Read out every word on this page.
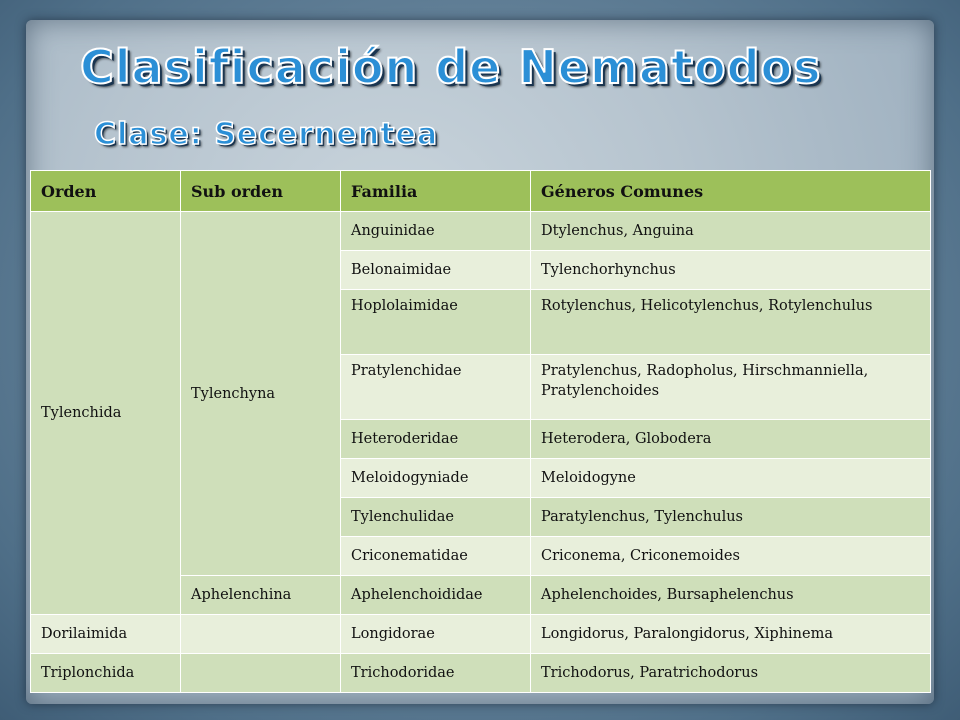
Clasificación de Nematodos
Clase: Secernentea
Orden	Sub orden	Familia	Géneros Comunes
Tylenchida	Tylenchyna	Anguinidae	Dtylenchus, Anguina
		Belonaimidae	Tylenchorhynchus
		Hoplolaimidae	Rotylenchus, Helicotylenchus, Rotylenchulus
		Pratylenchidae	Pratylenchus, Radopholus, Hirschmanniella, Pratylenchoides
		Heteroderidae	Heterodera, Globodera
		Meloidogyniade	Meloidogyne
		Tylenchulidae	Paratylenchus, Tylenchulus
		Criconematidae	Criconema, Criconemoides
	Aphelenchina	Aphelenchoididae	Aphelenchoides, Bursaphelenchus
Dorilaimida		Longidorae	Longidorus, Paralongidorus, Xiphinema
Triplonchida		Trichodoridae	Trichodorus, Paratrichodorus
